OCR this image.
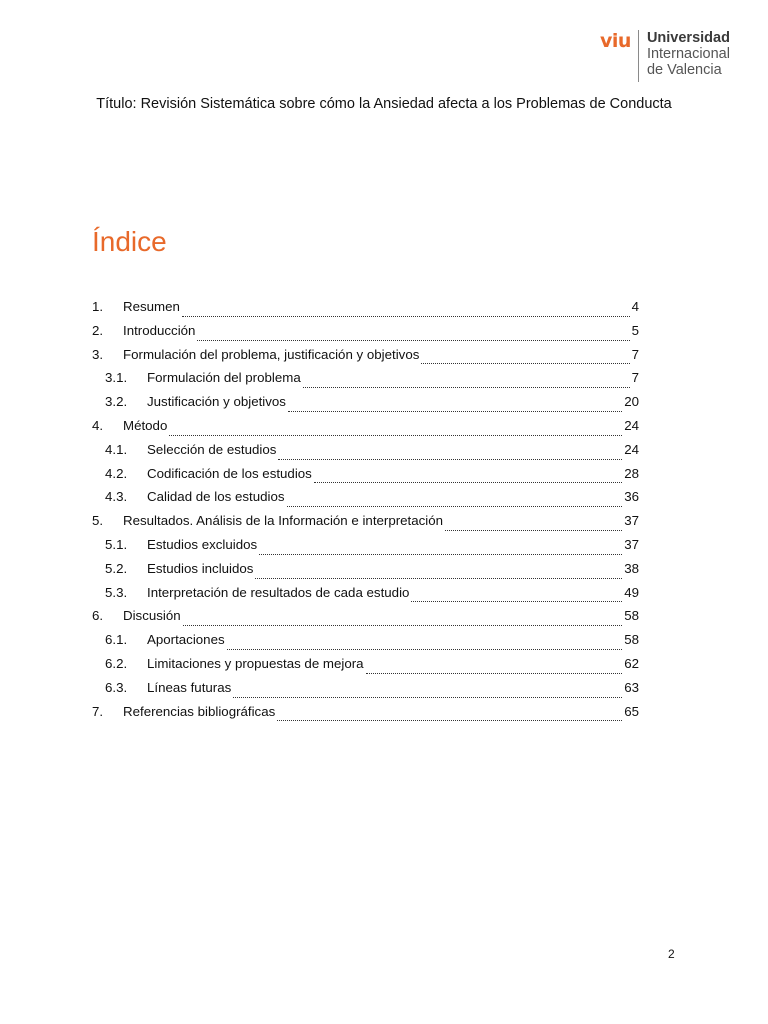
viu Universidad
Internacional
de Valencia
Título: Revisión Sistemática sobre cómo la Ansiedad afecta a los Problemas de Conducta
Índice
1.	Resumen	4
2.	Introducción	5
3.	Formulación del problema, justificación y objetivos	7
3.1.	Formulación del problema	7
3.2.	Justificación y objetivos	20
4.	Método	24
4.1.	Selección de estudios	24
4.2.	Codificación de los estudios	28
4.3.	Calidad de los estudios	36
5.	Resultados. Análisis de la Información e interpretación	37
5.1.	Estudios excluidos	37
5.2.	Estudios incluidos	38
5.3.	Interpretación de resultados de cada estudio	49
6.	Discusión	58
6.1.	Aportaciones	58
6.2.	Limitaciones y propuestas de mejora	62
6.3.	Líneas futuras	63
7.	Referencias bibliográficas	65
2
